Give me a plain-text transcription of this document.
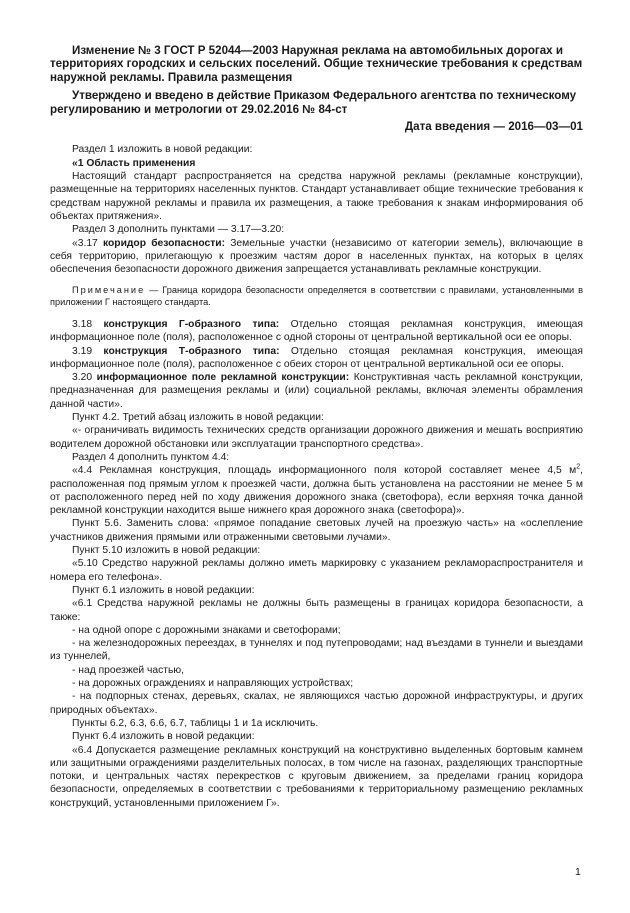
Изменение № 3 ГОСТ Р 52044—2003 Наружная реклама на автомобильных дорогах и территориях городских и сельских поселений. Общие технические требования к средствам наружной рекламы. Правила размещения

Утверждено и введено в действие Приказом Федерального агентства по техническому регулированию и метрологии от 29.02.2016 № 84-ст

Дата введения — 2016—03—01

Раздел 1 изложить в новой редакции:

«1 Область применения

Настоящий стандарт распространяется на средства наружной рекламы (рекламные конструкции), размещенные на территориях населенных пунктов. Стандарт устанавливает общие технические требования к средствам наружной рекламы и правила их размещения, а также требования к знакам информирования об объектах притяжения».

Раздел 3 дополнить пунктами — 3.17—3.20:

«3.17 коридор безопасности: Земельные участки (независимо от категории земель), включающие в себя территорию, прилегающую к проезжим частям дорог в населенных пунктах, на которых в целях обеспечения безопасности дорожного движения запрещается устанавливать рекламные конструкции.

Примечание — Граница коридора безопасности определяется в соответствии с правилами, установленными в приложении Г настоящего стандарта.

3.18 конструкция Г-образного типа: Отдельно стоящая рекламная конструкция, имеющая информационное поле (поля), расположенное с одной стороны от центральной вертикальной оси ее опоры.

3.19 конструкция Т-образного типа: Отдельно стоящая рекламная конструкция, имеющая информационное поле (поля), расположенное с обеих сторон от центральной вертикальной оси ее опоры.

3.20 информационное поле рекламной конструкции: Конструктивная часть рекламной конструкции, предназначенная для размещения рекламы и (или) социальной рекламы, включая элементы обрамления данной части».

Пункт 4.2. Третий абзац изложить в новой редакции:

«- ограничивать видимость технических средств организации дорожного движения и мешать восприятию водителем дорожной обстановки или эксплуатации транспортного средства».

Раздел 4 дополнить пунктом 4.4:

«4.4 Рекламная конструкция, площадь информационного поля которой составляет менее 4,5 $м^2$, расположенная под прямым углом к проезжей части, должна быть установлена на расстоянии не менее 5 м от расположенного перед ней по ходу движения дорожного знака (светофора), если верхняя точка данной рекламной конструкции находится выше нижнего края дорожного знака (светофора)».

Пункт 5.6. Заменить слова: «прямое попадание световых лучей на проезжую часть» на «ослепление участников движения прямыми или отраженными световыми лучами».

Пункт 5.10 изложить в новой редакции:

«5.10 Средство наружной рекламы должно иметь маркировку с указанием рекламораспространителя и номера его телефона».

Пункт 6.1 изложить в новой редакции:

«6.1 Средства наружной рекламы не должны быть размещены в границах коридора безопасности, а также:

- на одной опоре с дорожными знаками и светофорами;

- на железнодорожных переездах, в туннелях и под путепроводами; над въездами в туннели и выездами из туннелей,

- над проезжей частью,

- на дорожных ограждениях и направляющих устройствах;

- на подпорных стенах, деревьях, скалах, не являющихся частью дорожной инфраструктуры, и других природных объектах».

Пункты 6.2, 6.3, 6.6, 6.7, таблицы 1 и 1а исключить.

Пункт 6.4 изложить в новой редакции:

«6.4 Допускается размещение рекламных конструкций на конструктивно выделенных бортовым камнем или защитными ограждениями разделительных полосах, в том числе на газонах, разделяющих транспортные потоки, и центральных частях перекрестков с круговым движением, за пределами границ коридора безопасности, определяемых в соответствии с требованиями к территориальному размещению рекламных конструкций, установленными приложением Г».

1
